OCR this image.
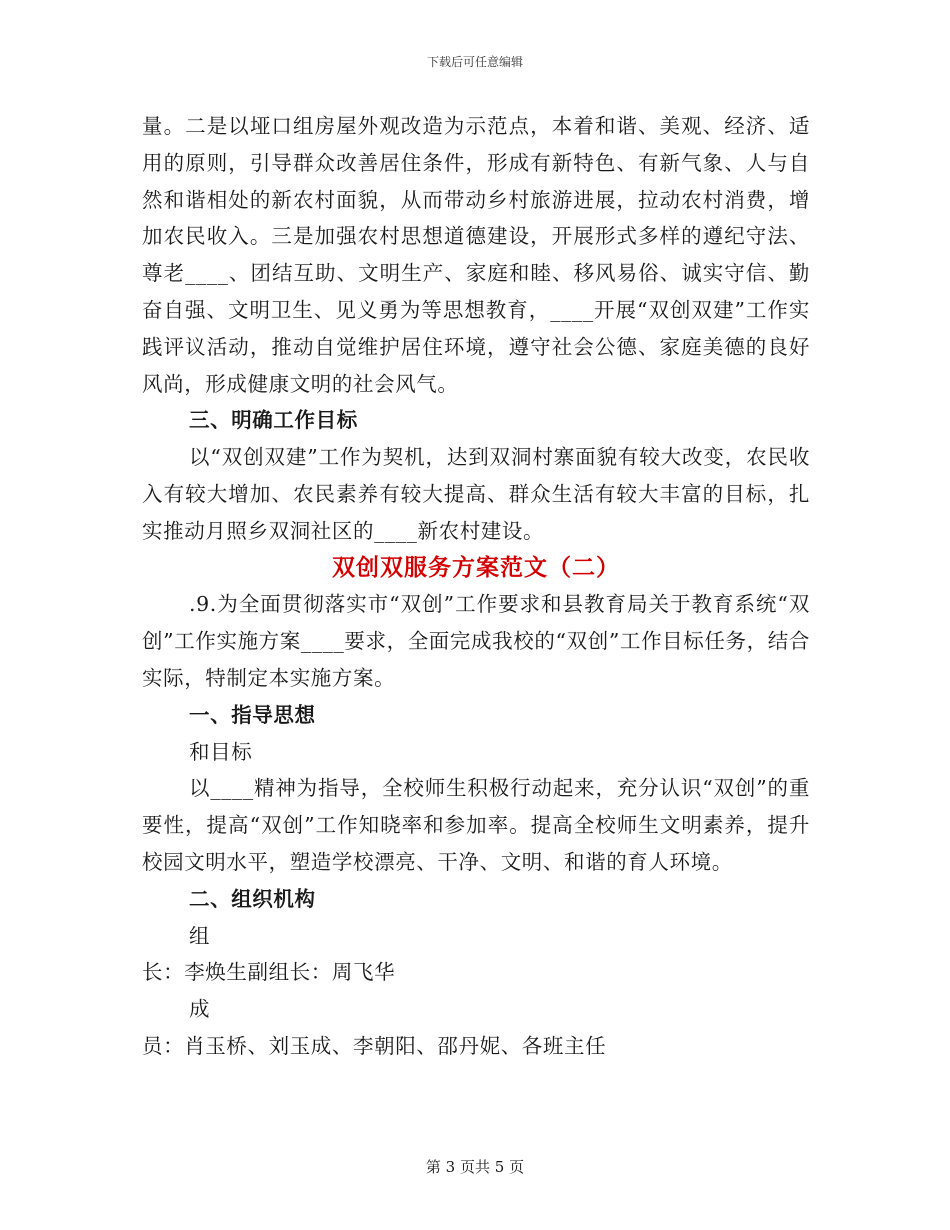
下载后可任意编辑

量。二是以垭口组房屋外观改造为示范点，本着和谐、美观、经济、适用的原则，引导群众改善居住条件，形成有新特色、有新气象、人与自然和谐相处的新农村面貌，从而带动乡村旅游进展，拉动农村消费，增加农民收入。三是加强农村思想道德建设，开展形式多样的遵纪守法、尊老____、团结互助、文明生产、家庭和睦、移风易俗、诚实守信、勤奋自强、文明卫生、见义勇为等思想教育，____开展“双创双建”工作实践评议活动，推动自觉维护居住环境，遵守社会公德、家庭美德的良好风尚，形成健康文明的社会风气。

三、明确工作目标

以“双创双建”工作为契机，达到双洞村寨面貌有较大改变，农民收入有较大增加、农民素养有较大提高、群众生活有较大丰富的目标，扎实推动月照乡双洞社区的____新农村建设。

双创双服务方案范文（二）

.9.为全面贯彻落实市“双创”工作要求和县教育局关于教育系统“双创”工作实施方案____要求，全面完成我校的“双创”工作目标任务，结合实际，特制定本实施方案。

一、指导思想

和目标

以____精神为指导，全校师生积极行动起来，充分认识“双创”的重要性，提高“双创”工作知晓率和参加率。提高全校师生文明素养，提升校园文明水平，塑造学校漂亮、干净、文明、和谐的育人环境。

二、组织机构

组

长：李焕生副组长：周飞华

成

员：肖玉桥、刘玉成、李朝阳、邵丹妮、各班主任

第 3 页共 5 页
